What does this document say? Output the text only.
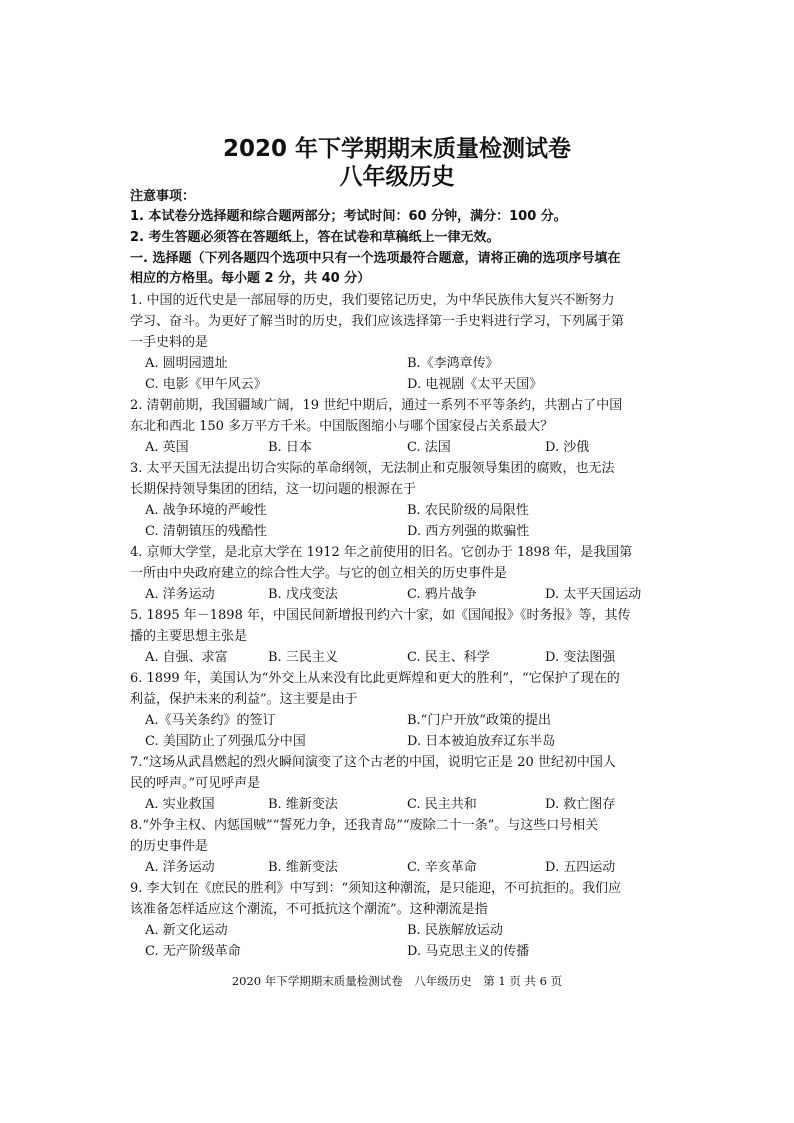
2020 年下学期期末质量检测试卷
八年级历史
注意事项：
1. 本试卷分选择题和综合题两部分；考试时间：60 分钟，满分：100 分。
2. 考生答题必须答在答题纸上，答在试卷和草稿纸上一律无效。
一. 选择题（下列各题四个选项中只有一个选项最符合题意，请将正确的选项序号填在
相应的方格里。每小题 2 分，共 40 分）
1. 中国的近代史是一部屈辱的历史，我们要铭记历史，为中华民族伟大复兴不断努力
学习、奋斗。为更好了解当时的历史，我们应该选择第一手史料进行学习，下列属于第
一手史料的是
A. 圆明园遗址	B.《李鸿章传》
C. 电影《甲午风云》	D. 电视剧《太平天国》
2. 清朝前期，我国疆域广阔，19 世纪中期后，通过一系列不平等条约，共割占了中国
东北和西北 150 多万平方千米。中国版图缩小与哪个国家侵占关系最大？
A. 英国	B. 日本	C. 法国	D. 沙俄
3. 太平天国无法提出切合实际的革命纲领，无法制止和克服领导集团的腐败，也无法
长期保持领导集团的团结，这一切问题的根源在于
A. 战争环境的严峻性	B. 农民阶级的局限性
C. 清朝镇压的残酷性	D. 西方列强的欺骗性
4. 京师大学堂，是北京大学在 1912 年之前使用的旧名。它创办于 1898 年，是我国第
一所由中央政府建立的综合性大学。与它的创立相关的历史事件是
A. 洋务运动	B. 戊戌变法	C. 鸦片战争	D. 太平天国运动
5. 1895 年－1898 年，中国民间新增报刊约六十家，如《国闻报》《时务报》等，其传
播的主要思想主张是
A. 自强、求富	B. 三民主义	C. 民主、科学	D. 变法图强
6. 1899 年，美国认为“外交上从来没有比此更辉煌和更大的胜利”，“它保护了现在的
利益，保护未来的利益”。这主要是由于
A.《马关条约》的签订	B.“门户开放”政策的提出
C. 美国防止了列强瓜分中国	D. 日本被迫放弃辽东半岛
7.“这场从武昌燃起的烈火瞬间演变了这个古老的中国，说明它正是 20 世纪初中国人
民的呼声。”可见呼声是
A. 实业救国	B. 维新变法	C. 民主共和	D. 救亡图存
8.“外争主权、内惩国贼”“誓死力争，还我青岛”“废除二十一条”。与这些口号相关
的历史事件是
A. 洋务运动	B. 维新变法	C. 辛亥革命	D. 五四运动
9. 李大钊在《庶民的胜利》中写到：“须知这种潮流，是只能迎，不可抗拒的。我们应
该准备怎样适应这个潮流，不可抵抗这个潮流”。这种潮流是指
A. 新文化运动	B. 民族解放运动
C. 无产阶级革命	D. 马克思主义的传播
2020 年下学期期末质量检测试卷　八年级历史　第 1 页 共 6 页
